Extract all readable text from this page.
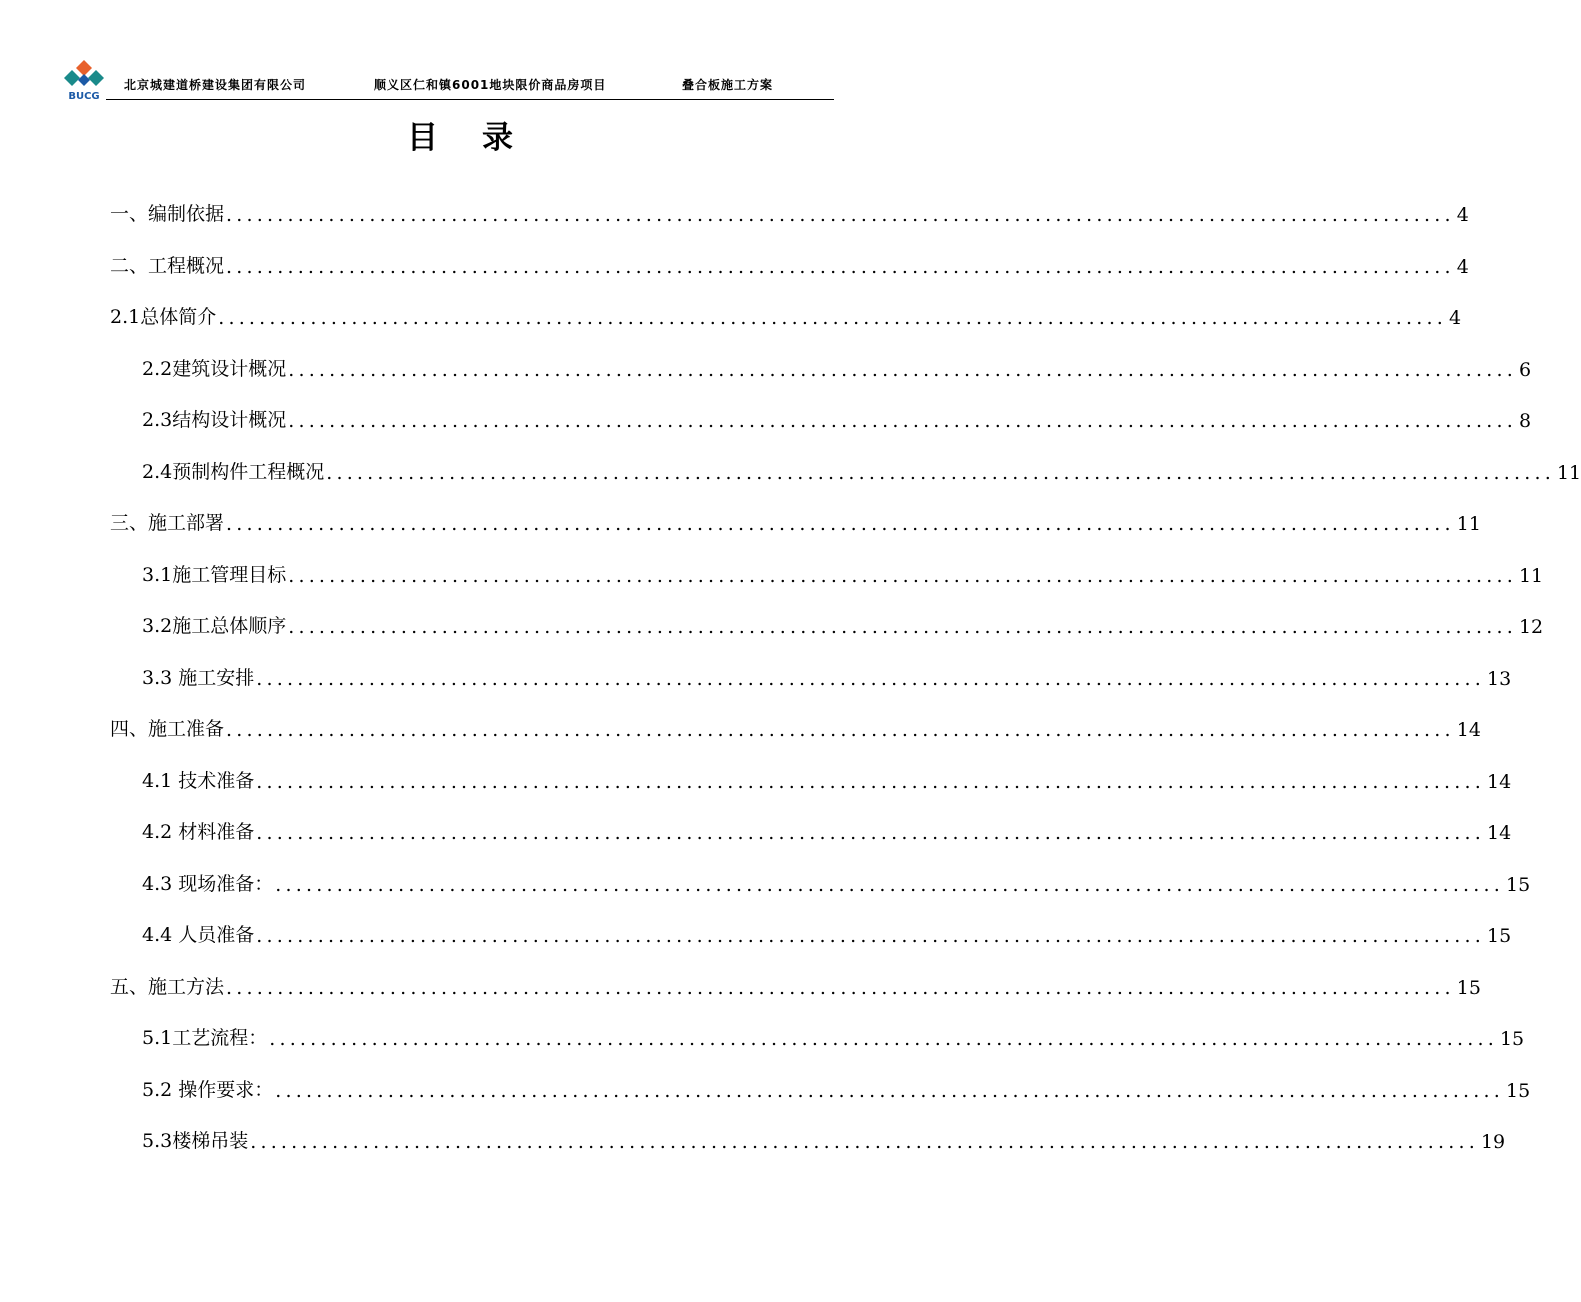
BUCG
北京城建道桥建设集团有限公司	顺义区仁和镇6001地块限价商品房项目	叠合板施工方案
目录
一、编制依据 ........................................................................................................................ 4
二、工程概况 ........................................................................................................................ 4
2.1总体简介 ........................................................................................................................ 4
2.2建筑设计概况 ........................................................................................................................ 6
2.3结构设计概况 ........................................................................................................................ 8
2.4预制构件工程概况 ........................................................................................................................ 11
三、施工部署 ........................................................................................................................ 11
3.1施工管理目标 ........................................................................................................................ 11
3.2施工总体顺序 ........................................................................................................................ 12
3.3 施工安排 ........................................................................................................................ 13
四、施工准备 ........................................................................................................................ 14
4.1 技术准备 ........................................................................................................................ 14
4.2 材料准备 ........................................................................................................................ 14
4.3 现场准备： ........................................................................................................................ 15
4.4 人员准备 ........................................................................................................................ 15
五、施工方法 ........................................................................................................................ 15
5.1工艺流程： ........................................................................................................................ 15
5.2 操作要求： ........................................................................................................................ 15
5.3楼梯吊装 ........................................................................................................................ 19
